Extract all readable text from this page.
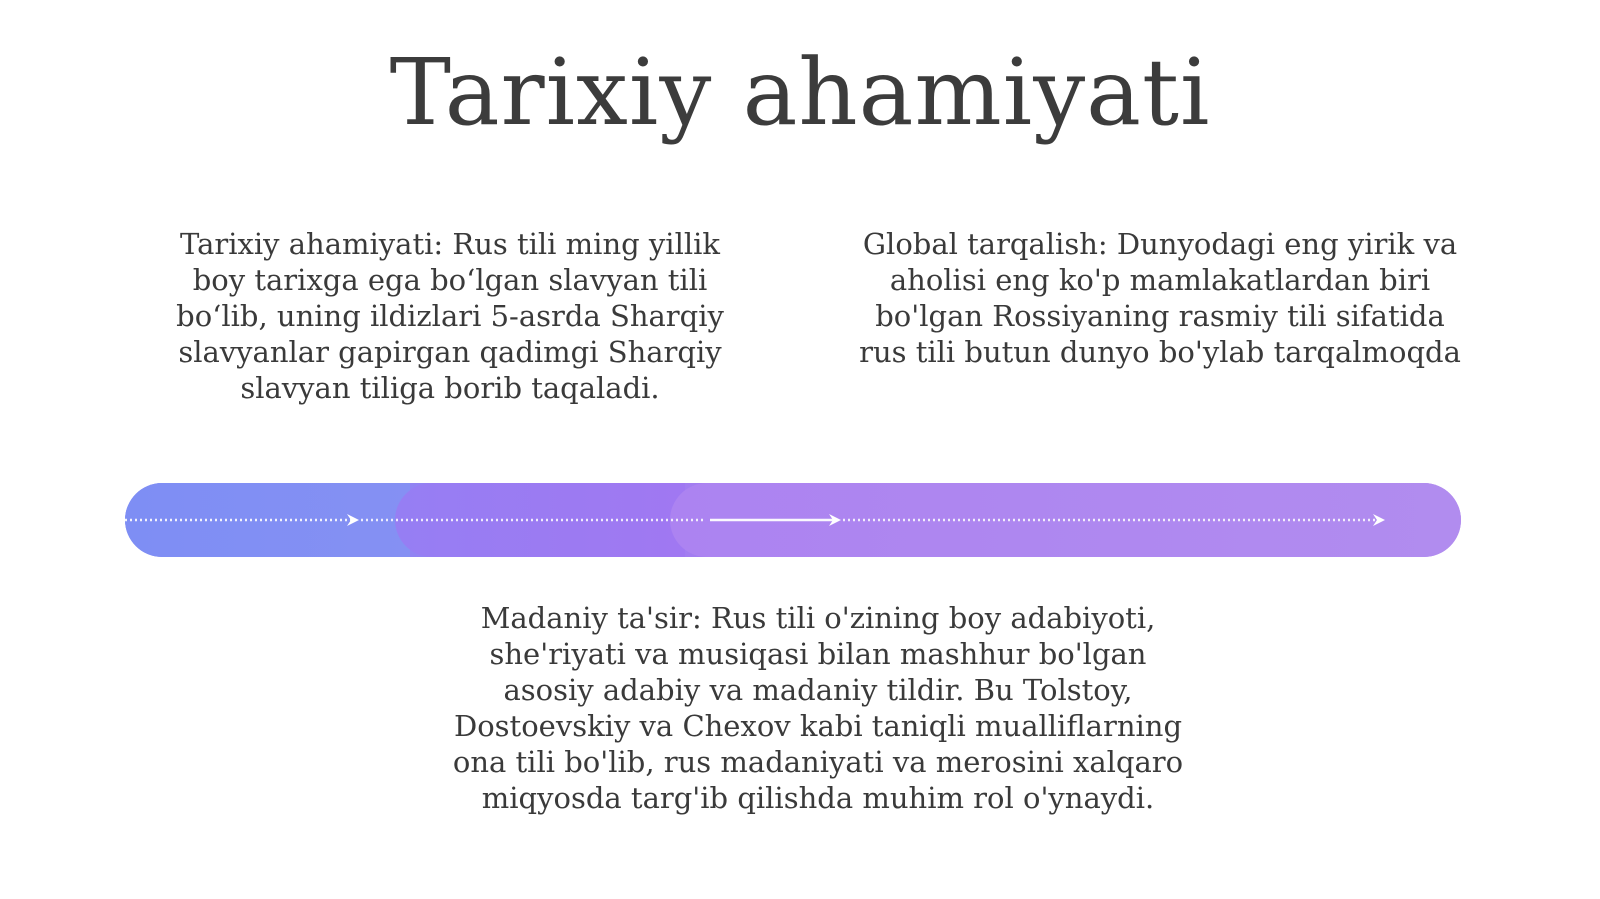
Tarixiy ahamiyati

Tarixiy ahamiyati: Rus tili ming yillik boy tarixga ega bo‘lgan slavyan tili bo‘lib, uning ildizlari 5-asrda Sharqiy slavyanlar gapirgan qadimgi Sharqiy slavyan tiliga borib taqaladi.

Global tarqalish: Dunyodagi eng yirik va aholisi eng ko'p mamlakatlardan biri bo'lgan Rossiyaning rasmiy tili sifatida rus tili butun dunyo bo'ylab tarqalmoqda

Madaniy ta'sir: Rus tili o'zining boy adabiyoti, she'riyati va musiqasi bilan mashhur bo'lgan asosiy adabiy va madaniy tildir. Bu Tolstoy, Dostoevskiy va Chexov kabi taniqli mualliflarning ona tili bo'lib, rus madaniyati va merosini xalqaro miqyosda targ'ib qilishda muhim rol o'ynaydi.
